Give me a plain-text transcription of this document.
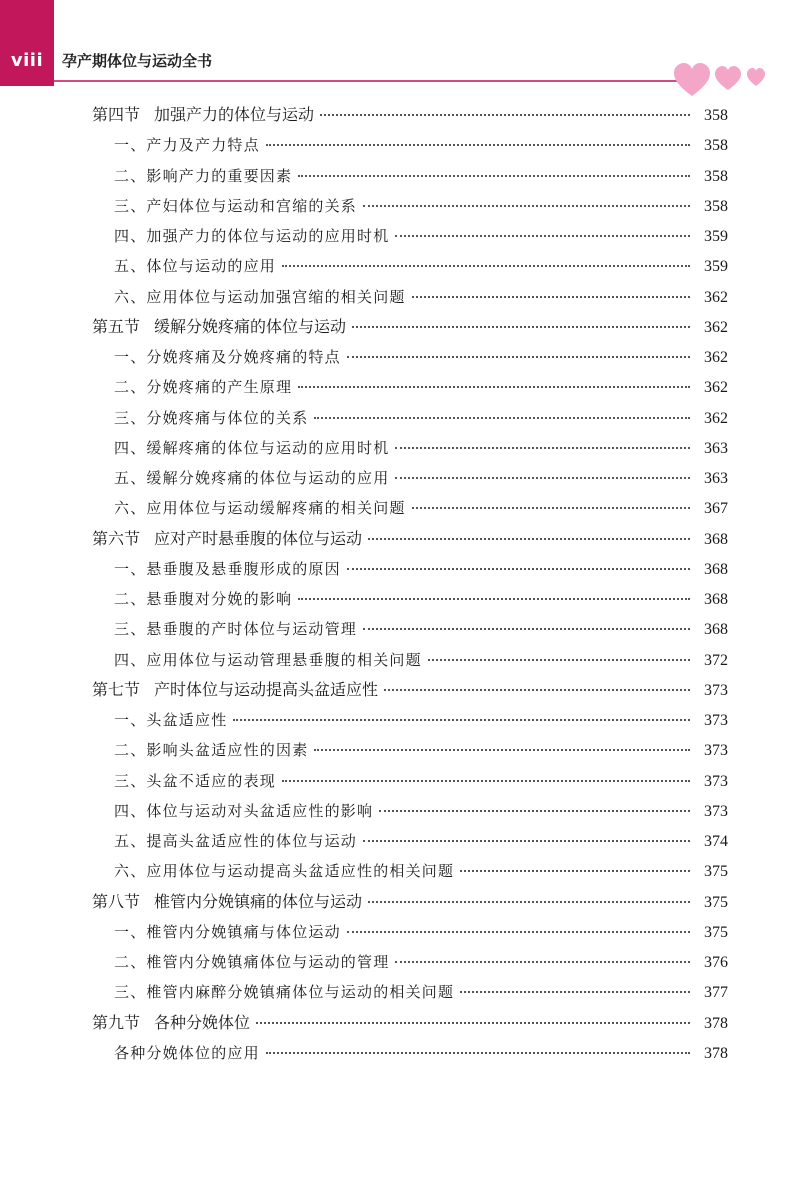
viii	孕产期体位与运动全书
第四节 加强产力的体位与运动	358
一、产力及产力特点	358
二、影响产力的重要因素	358
三、产妇体位与运动和宫缩的关系	358
四、加强产力的体位与运动的应用时机	359
五、体位与运动的应用	359
六、应用体位与运动加强宫缩的相关问题	362
第五节 缓解分娩疼痛的体位与运动	362
一、分娩疼痛及分娩疼痛的特点	362
二、分娩疼痛的产生原理	362
三、分娩疼痛与体位的关系	362
四、缓解疼痛的体位与运动的应用时机	363
五、缓解分娩疼痛的体位与运动的应用	363
六、应用体位与运动缓解疼痛的相关问题	367
第六节 应对产时悬垂腹的体位与运动	368
一、悬垂腹及悬垂腹形成的原因	368
二、悬垂腹对分娩的影响	368
三、悬垂腹的产时体位与运动管理	368
四、应用体位与运动管理悬垂腹的相关问题	372
第七节 产时体位与运动提高头盆适应性	373
一、头盆适应性	373
二、影响头盆适应性的因素	373
三、头盆不适应的表现	373
四、体位与运动对头盆适应性的影响	373
五、提高头盆适应性的体位与运动	374
六、应用体位与运动提高头盆适应性的相关问题	375
第八节 椎管内分娩镇痛的体位与运动	375
一、椎管内分娩镇痛与体位运动	375
二、椎管内分娩镇痛体位与运动的管理	376
三、椎管内麻醉分娩镇痛体位与运动的相关问题	377
第九节 各种分娩体位	378
各种分娩体位的应用	378
